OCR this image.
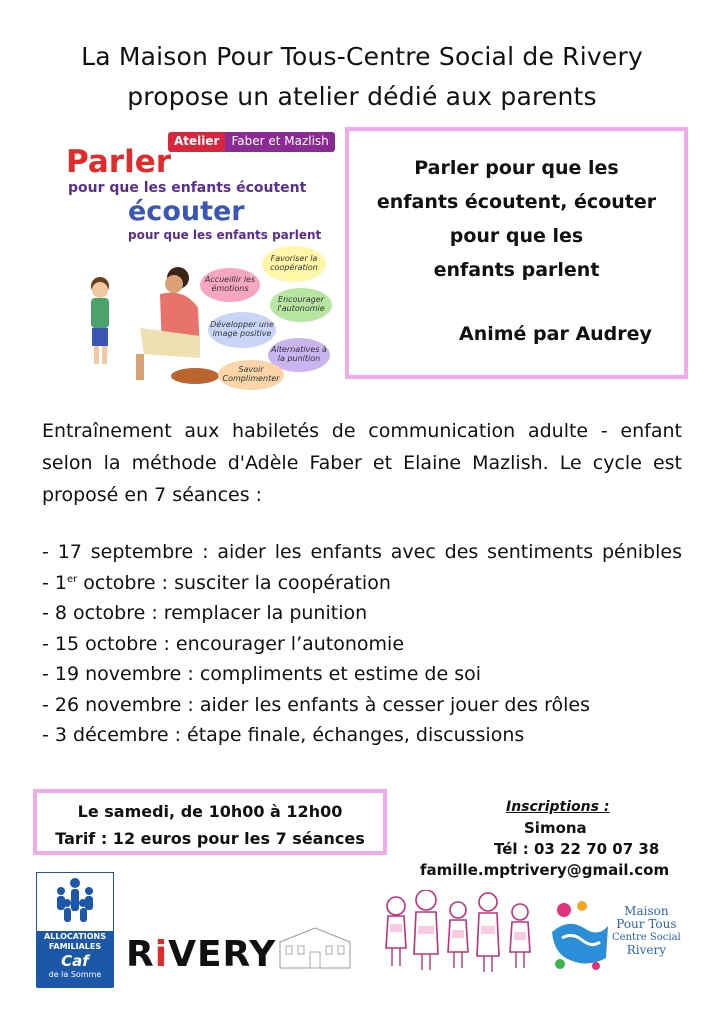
La Maison Pour Tous-Centre Social de Rivery
propose un atelier dédié aux parents
Atelier	Faber et Mazlish
Parler
pour que les enfants écoutent
écouter
pour que les enfants parlent
Accueillir les émotions
Favoriser la coopération
Encourager l'autonomie
Développer une image positive
Alternatives à la punition
Savoir Complimenter
Parler pour que les
enfants écoutent, écouter
pour que les
enfants parlent
Animé par Audrey
Entraînement aux habiletés de communication adulte - enfant selon la méthode d'Adèle Faber et Elaine Mazlish. Le cycle est proposé en 7 séances :
- 17 septembre : aider les enfants avec des sentiments pénibles
- 1er octobre : susciter la coopération
- 8 octobre : remplacer la punition
- 15 octobre : encourager l’autonomie
- 19 novembre : compliments et estime de soi
- 26 novembre : aider les enfants à cesser jouer des rôles
- 3 décembre : étape finale, échanges, discussions
Le samedi, de 10h00 à 12h00
Tarif : 12 euros pour les 7 séances
Inscriptions :
Simona
Tél : 03 22 70 07 38
famille.mptrivery@gmail.com
ALLOCATIONS
FAMILIALES
Caf
de la Somme RiVERY
Maison
Pour Tous
Centre Social
Rivery
